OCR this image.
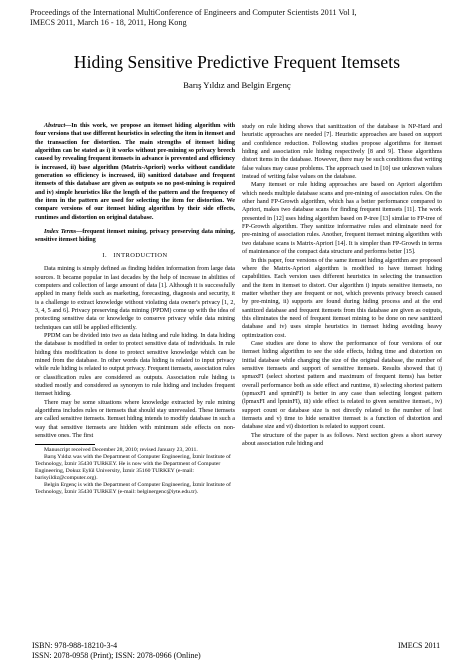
Proceedings of the International MultiConference of Engineers and Computer Scientists 2011 Vol I,
IMECS 2011, March 16 - 18, 2011, Hong Kong
Hiding Sensitive Predictive Frequent Itemsets
Barış Yıldız and Belgin Ergenç

Abstract—In this work, we propose an itemset hiding algorithm with four versions that use different heuristics in selecting the item in itemset and the transaction for distortion. The main strengths of itemset hiding algorithm can be stated as i) it works without pre-mining so privacy breech caused by revealing frequent itemsets in advance is prevented and efficiency is increased, ii) base algorithm (Matrix-Apriori) works without candidate generation so efficiency is increased, iii) sanitized database and frequent itemsets of this database are given as outputs so no post-mining is required and iv) simple heuristics like the length of the pattern and the frequency of the item in the pattern are used for selecting the item for distortion. We compare versions of our itemset hiding algorithm by their side effects, runtimes and distortion on original database.

Index Terms—frequent itemset mining, privacy preserving data mining, sensitive itemset hiding

I. INTRODUCTION

Data mining is simply defined as finding hidden information from large data sources. It became popular in last decades by the help of increase in abilities of computers and collection of large amount of data [1]. Although it is successfully applied in many fields such as marketing, forecasting, diagnosis and security, it is a challenge to extract knowledge without violating data owner's privacy [1, 2, 3, 4, 5 and 6]. Privacy preserving data mining (PPDM) come up with the idea of protecting sensitive data or knowledge to conserve privacy while data mining techniques can still be applied efficiently.

PPDM can be divided into two as data hiding and rule hiding. In data hiding the database is modified in order to protect sensitive data of individuals. In rule hiding this modification is done to protect sensitive knowledge which can be mined from the database. In other words data hiding is related to input privacy while rule hiding is related to output privacy. Frequent itemsets, association rules or classification rules are considered as outputs. Association rule hiding is studied mostly and considered as synonym to rule hiding and includes frequent itemset hiding.

There may be some situations where knowledge extracted by rule mining algorithms includes rules or itemsets that should stay unrevealed. These itemsets are called sensitive itemsets. Itemset hiding intends to modify database in such a way that sensitive itemsets are hidden with minimum side effects on non-sensitive ones. The first

Manuscript received December 28, 2010; revised January 23, 2011.

Barış Yıldız was with the Department of Computer Engineering, İzmir Institute of Technology, İzmir 35430 TURKEY. He is now with the Department of Computer Engineering, Dokuz Eylül University, İzmir 35160 TURKEY (e-mail: barisyildiz@computer.org).

Belgin Ergenç is with the Department of Computer Engineering, İzmir Institute of Technology, İzmir 35430 TURKEY (e-mail: belginergenc@iyte.edu.tr).

study on rule hiding shows that sanitization of the database is NP-Hard and heuristic approaches are needed [7]. Heuristic approaches are based on support and confidence reduction. Following studies propose algorithms for itemset hiding and association rule hiding respectively [8 and 9]. These algorithms distort items in the database. However, there may be such conditions that writing false values may cause problems. The approach used in [10] use unknown values instead of writing false values on the database.

Many itemset or rule hiding approaches are based on Apriori algorithm which needs multiple database scans and pre-mining of association rules. On the other hand FP-Growth algorithm, which has a better performance compared to Apriori, makes two database scans for finding frequent itemsets [11]. The work presented in [12] uses hiding algorithm based on P-tree [13] similar to FP-tree of FP-Growth algorithm. They sanitize informative rules and eliminate need for pre-mining of association rules. Another, frequent itemset mining algorithm with two database scans is Matrix-Apriori [14]. It is simpler than FP-Growth in terms of maintenance of the compact data structure and performs better [15].

In this paper, four versions of the same itemset hiding algorithm are proposed where the Matrix-Apriori algorithm is modified to have itemset hiding capabilities. Each version uses different heuristics in selecting the transaction and the item in itemset to distort. Our algorithm i) inputs sensitive itemsets, no matter whether they are frequent or not, which prevents privacy breech caused by pre-mining, ii) supports are found during hiding process and at the end sanitized database and frequent itemsets from this database are given as outputs, this eliminates the need of frequent itemset mining to be done on new sanitized database and iv) uses simple heuristics in itemset hiding avoiding heavy optimization cost.

Case studies are done to show the performance of four versions of our itemset hiding algorithm to see the side effects, hiding time and distortion on initial database while changing the size of the original database, the number of sensitive itemsets and support of sensitive itemsets. Results showed that i) spmaxFI (select shortest pattern and maximum of frequent items) has better overall performance both as side effect and runtime, ii) selecting shortest pattern (spmaxFI and spminFI) is better in any case than selecting longest pattern (lpmaxFI and lpminFI), iii) side effect is related to given sensitive itemset., iv) support count or database size is not directly related to the number of lost itemsets and v) time to hide sensitive itemset is a function of distortion and database size and vi) distortion is related to support count.

The structure of the paper is as follows. Next section gives a short survey about association rule hiding and

ISBN: 978-988-18210-3-4
ISSN: 2078-0958 (Print); ISSN: 2078-0966 (Online)
IMECS 2011
